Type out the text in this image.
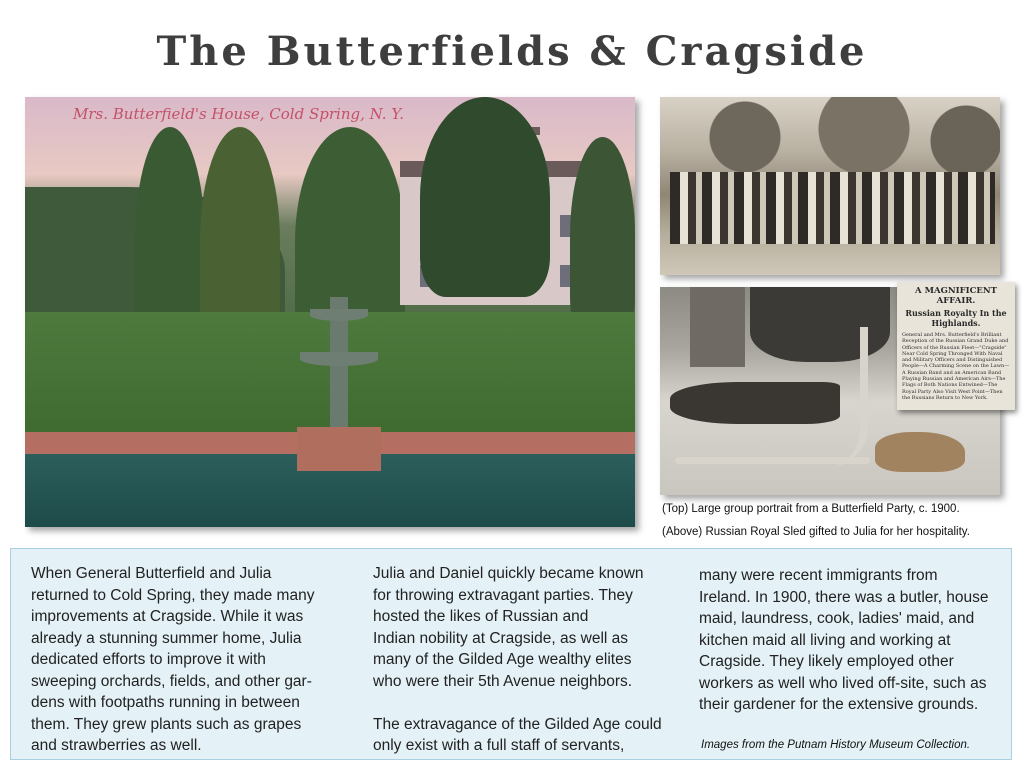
The Butterfields & Cragside
Mrs. Butterfield's House, Cold Spring, N. Y.
A MAGNIFICENT AFFAIR.
Russian Royalty In the Highlands.
General and Mrs. Butterfield's Brilliant Reception of the Russian Grand Duke and Officers of the Russian Fleet—"Cragside" Near Cold Spring Thronged With Naval and Military Officers and Distinguished People—A Charming Scene on the Lawn—A Russian Band and an American Band Playing Russian and American Airs—The Flags of Both Nations Entwined—The Royal Party Also Visit West Point—Then the Russians Return to New York.
(Top) Large group portrait from a Butterfield Party, c. 1900.
(Above) Russian Royal Sled gifted to Julia for her hospitality.
When General Butterfield and Julia
returned to Cold Spring, they made many
improvements at Cragside. While it was
already a stunning summer home, Julia
dedicated efforts to improve it with
sweeping orchards, fields, and other gar-
dens with footpaths running in between
them. They grew plants such as grapes
and strawberries as well.
Julia and Daniel quickly became known
for throwing extravagant parties. They
hosted the likes of Russian and
Indian nobility at Cragside, as well as
many of the Gilded Age wealthy elites
who were their 5th Avenue neighbors.

The extravagance of the Gilded Age could
only exist with a full staff of servants,
many were recent immigrants from
Ireland. In 1900, there was a butler, house
maid, laundress, cook, ladies' maid, and
kitchen maid all living and working at
Cragside. They likely employed other
workers as well who lived off-site, such as
their gardener for the extensive grounds.
Images from the Putnam History Museum Collection.
